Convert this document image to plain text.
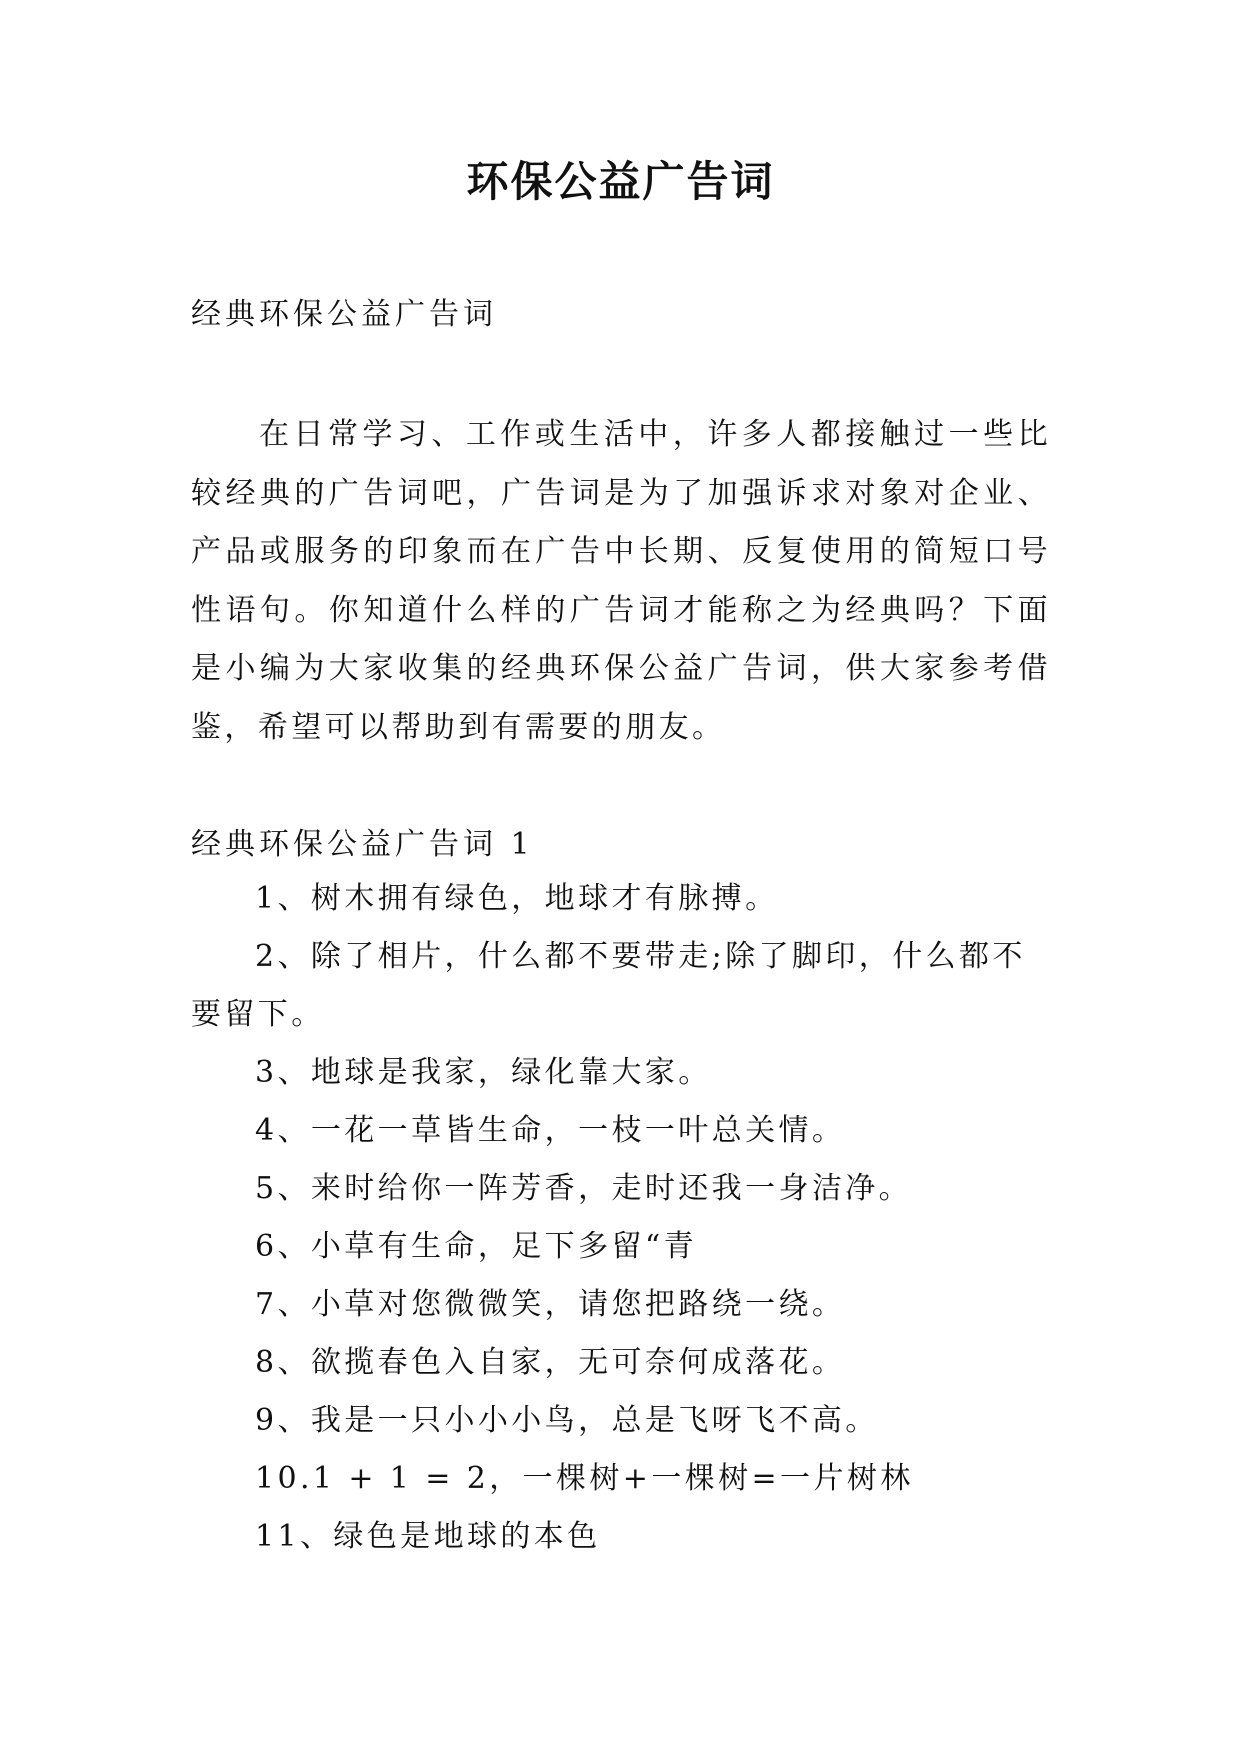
环保公益广告词

经典环保公益广告词

在日常学习、工作或生活中，许多人都接触过一些比较经典的广告词吧，广告词是为了加强诉求对象对企业、产品或服务的印象而在广告中长期、反复使用的简短口号性语句。你知道什么样的广告词才能称之为经典吗？下面是小编为大家收集的经典环保公益广告词，供大家参考借鉴，希望可以帮助到有需要的朋友。

经典环保公益广告词 1

1、树木拥有绿色，地球才有脉搏。
2、除了相片，什么都不要带走;除了脚印，什么都不要留下。
3、地球是我家，绿化靠大家。
4、一花一草皆生命，一枝一叶总关情。
5、来时给你一阵芳香，走时还我一身洁净。
6、小草有生命，足下多留“青
7、小草对您微微笑，请您把路绕一绕。
8、欲揽春色入自家，无可奈何成落花。
9、我是一只小小小鸟，总是飞呀飞不高。
10.1 + 1 = 2，一棵树+一棵树=一片树林
11、绿色是地球的本色
